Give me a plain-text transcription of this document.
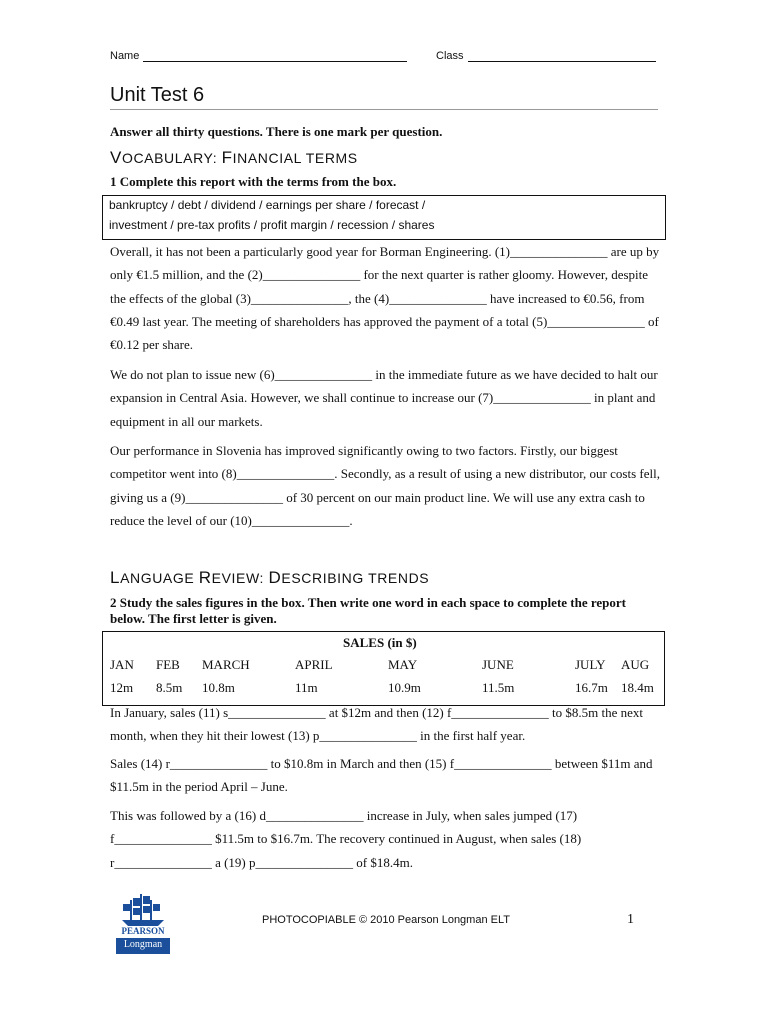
Name	Class
Unit Test 6
Answer all thirty questions. There is one mark per question.
VOCABULARY: FINANCIAL TERMS
1 Complete this report with the terms from the box.
bankruptcy / debt / dividend / earnings per share / forecast /
investment / pre-tax profits / profit margin / recession / shares

Overall, it has not been a particularly good year for Borman Engineering. (1)_______________ are up by only €1.5 million, and the (2)_______________ for the next quarter is rather gloomy. However, despite the effects of the global (3)_______________, the (4)_______________ have increased to €0.56, from €0.49 last year. The meeting of shareholders has approved the payment of a total (5)_______________ of €0.12 per share.

We do not plan to issue new (6)_______________ in the immediate future as we have decided to halt our expansion in Central Asia. However, we shall continue to increase our (7)_______________ in plant and equipment in all our markets.

Our performance in Slovenia has improved significantly owing to two factors. Firstly, our biggest competitor went into (8)_______________. Secondly, as a result of using a new distributor, our costs fell, giving us a (9)_______________ of 30 percent on our main product line. We will use any extra cash to reduce the level of our (10)_______________.

LANGUAGE REVIEW: DESCRIBING TRENDS
2 Study the sales figures in the box. Then write one word in each space to complete the report below. The first letter is given.
SALES (in $)
JAN FEB MARCH	APRIL	MAY	JUNE	JULY AUG
12m 8.5m 10.8m	11m	10.9m	11.5m	16.7m 18.4m

In January, sales (11) s_______________ at $12m and then (12) f_______________ to $8.5m the next month, when they hit their lowest (13) p_______________ in the first half year.

Sales (14) r_______________ to $10.8m in March and then (15) f_______________ between $11m and $11.5m in the period April – June.

This was followed by a (16) d_______________ increase in July, when sales jumped (17) f_______________ $11.5m to $16.7m. The recovery continued in August, when sales (18) r_______________ a (19) p_______________ of $18.4m.

PEARSON
Longman
PHOTOCOPIABLE © 2010 Pearson Longman ELT	1
